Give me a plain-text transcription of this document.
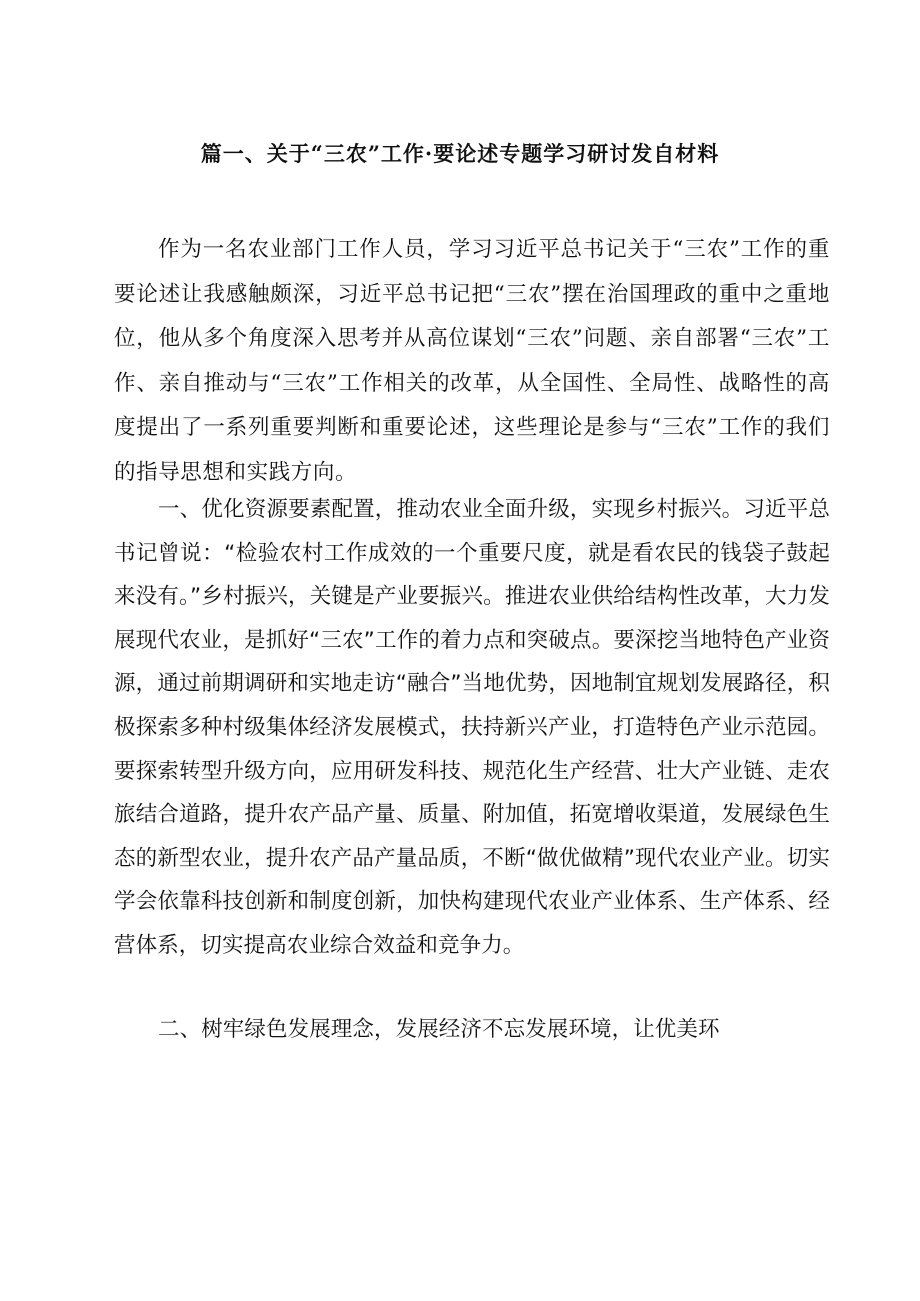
篇一、关于“三农”工作·要论述专题学习研讨发自材料

作为一名农业部门工作人员，学习习近平总书记关于“三农”工作的重要论述让我感触颇深，习近平总书记把“三农”摆在治国理政的重中之重地位，他从多个角度深入思考并从高位谋划“三农”问题、亲自部署“三农”工作、亲自推动与“三农”工作相关的改革，从全国性、全局性、战略性的高度提出了一系列重要判断和重要论述，这些理论是参与“三农”工作的我们的指导思想和实践方向。

一、优化资源要素配置，推动农业全面升级，实现乡村振兴。习近平总书记曾说：“检验农村工作成效的一个重要尺度，就是看农民的钱袋子鼓起来没有。”乡村振兴，关键是产业要振兴。推进农业供给结构性改革，大力发展现代农业，是抓好“三农”工作的着力点和突破点。要深挖当地特色产业资源，通过前期调研和实地走访“融合”当地优势，因地制宜规划发展路径，积极探索多种村级集体经济发展模式，扶持新兴产业，打造特色产业示范园。要探索转型升级方向，应用研发科技、规范化生产经营、壮大产业链、走农旅结合道路，提升农产品产量、质量、附加值，拓宽增收渠道，发展绿色生态的新型农业，提升农产品产量品质，不断“做优做精”现代农业产业。切实学会依靠科技创新和制度创新，加快构建现代农业产业体系、生产体系、经营体系，切实提高农业综合效益和竞争力。

二、树牢绿色发展理念，发展经济不忘发展环境，让优美环
